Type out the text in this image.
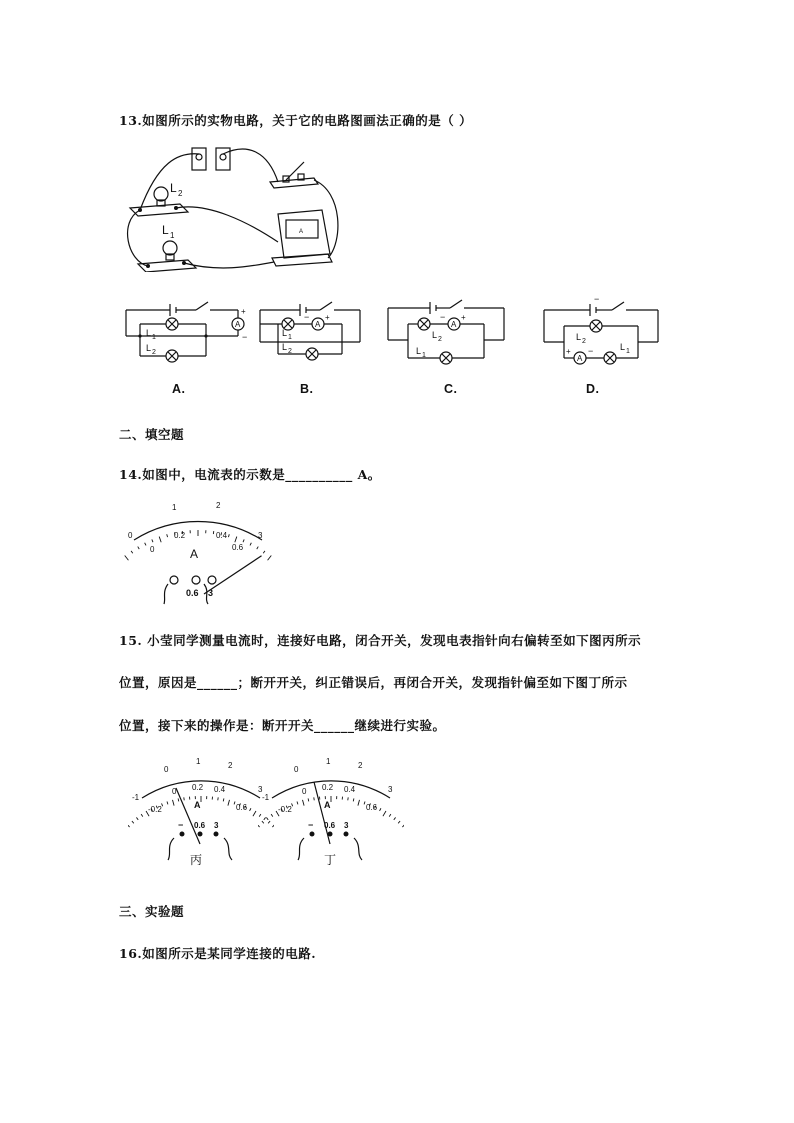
13.如图所示的实物电路，关于它的电路图画法正确的是（ ）
L 2
L 1	A
A
+
−
L 1
L 2
A
− +
L 1
L 2
A
− +
L 2
L 1
−
A
+ −
L 2
L 1
A.	B.	C.	D.
二、填空题
14.如图中，电流表的示数是__________ A。
0
1	2
3
0
0.2	0.4
0.6
A
0.6 3
15. 小莹同学测量电流时，连接好电路，闭合开关，发现电表指针向右偏转至如下图丙所示
位置，原因是______；断开开关，纠正错误后，再闭合开关，发现指针偏至如下图丁所示
位置，接下来的操作是：断开开关______继续进行实验。
-1
0
1	2
3
-0.2
0 0.2 0.4
0.6
A
− 0.6 3
丙
-1
0
1	2
3
-0.2
0 0.2 0.4
0.6
A
− 0.6 3
丁
三、实验题
16.如图所示是某同学连接的电路.
